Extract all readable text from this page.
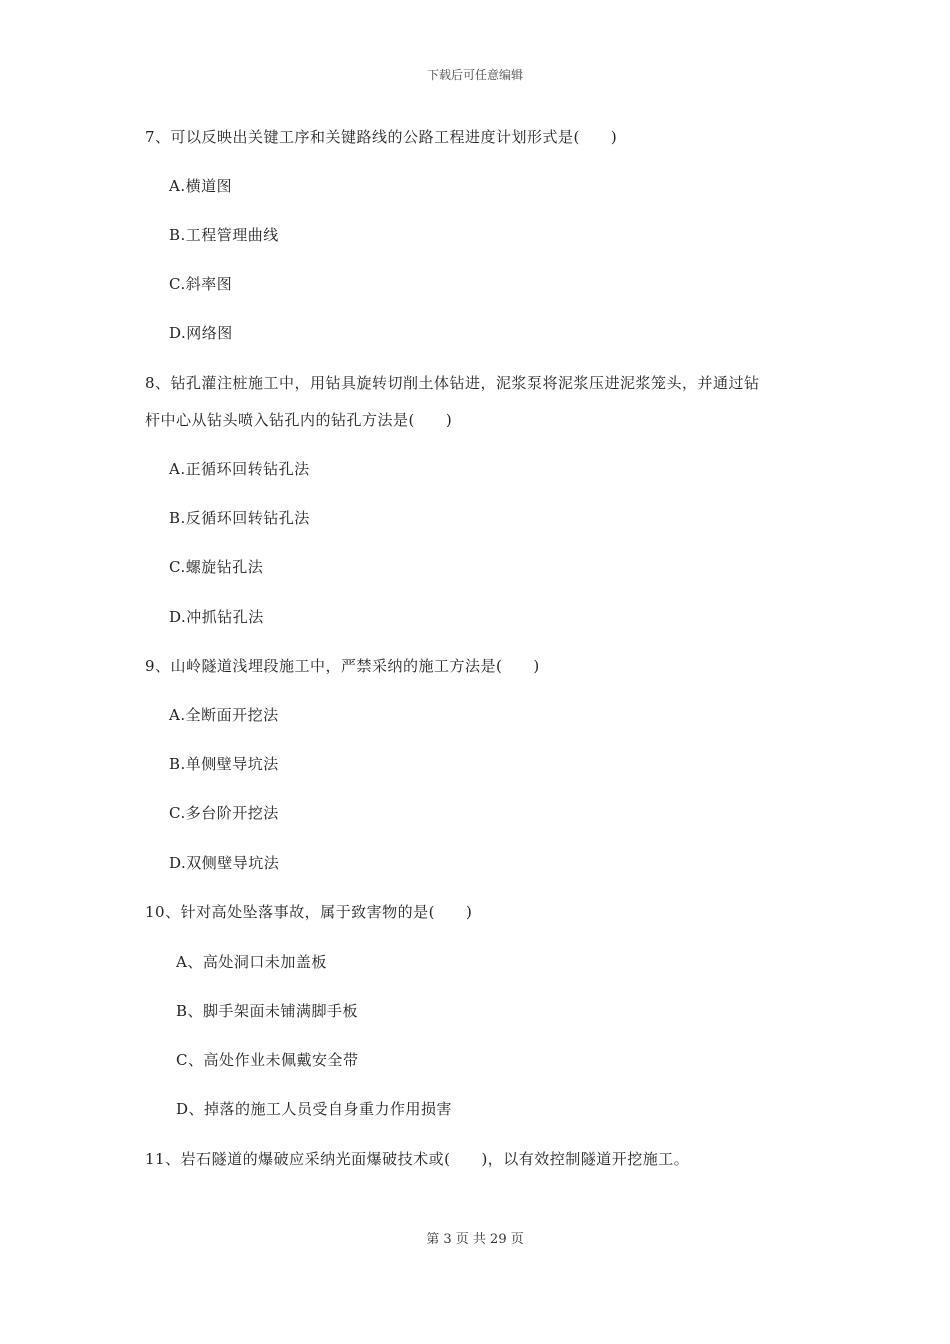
下载后可任意编辑
7、可以反映出关键工序和关键路线的公路工程进度计划形式是(　　)
A.横道图
B.工程管理曲线
C.斜率图
D.网络图
8、钻孔灌注桩施工中，用钻具旋转切削土体钻进，泥浆泵将泥浆压进泥浆笼头，并通过钻
杆中心从钻头喷入钻孔内的钻孔方法是(　　)
A.正循环回转钻孔法
B.反循环回转钻孔法
C.螺旋钻孔法
D.冲抓钻孔法
9、山岭隧道浅埋段施工中，严禁采纳的施工方法是(　　)
A.全断面开挖法
B.单侧壁导坑法
C.多台阶开挖法
D.双侧壁导坑法
10、针对高处坠落事故，属于致害物的是(　　)
A、高处洞口未加盖板
B、脚手架面未铺满脚手板
C、高处作业未佩戴安全带
D、掉落的施工人员受自身重力作用损害
11、岩石隧道的爆破应采纳光面爆破技术或(　　)，以有效控制隧道开挖施工。
第 3 页 共 29 页
